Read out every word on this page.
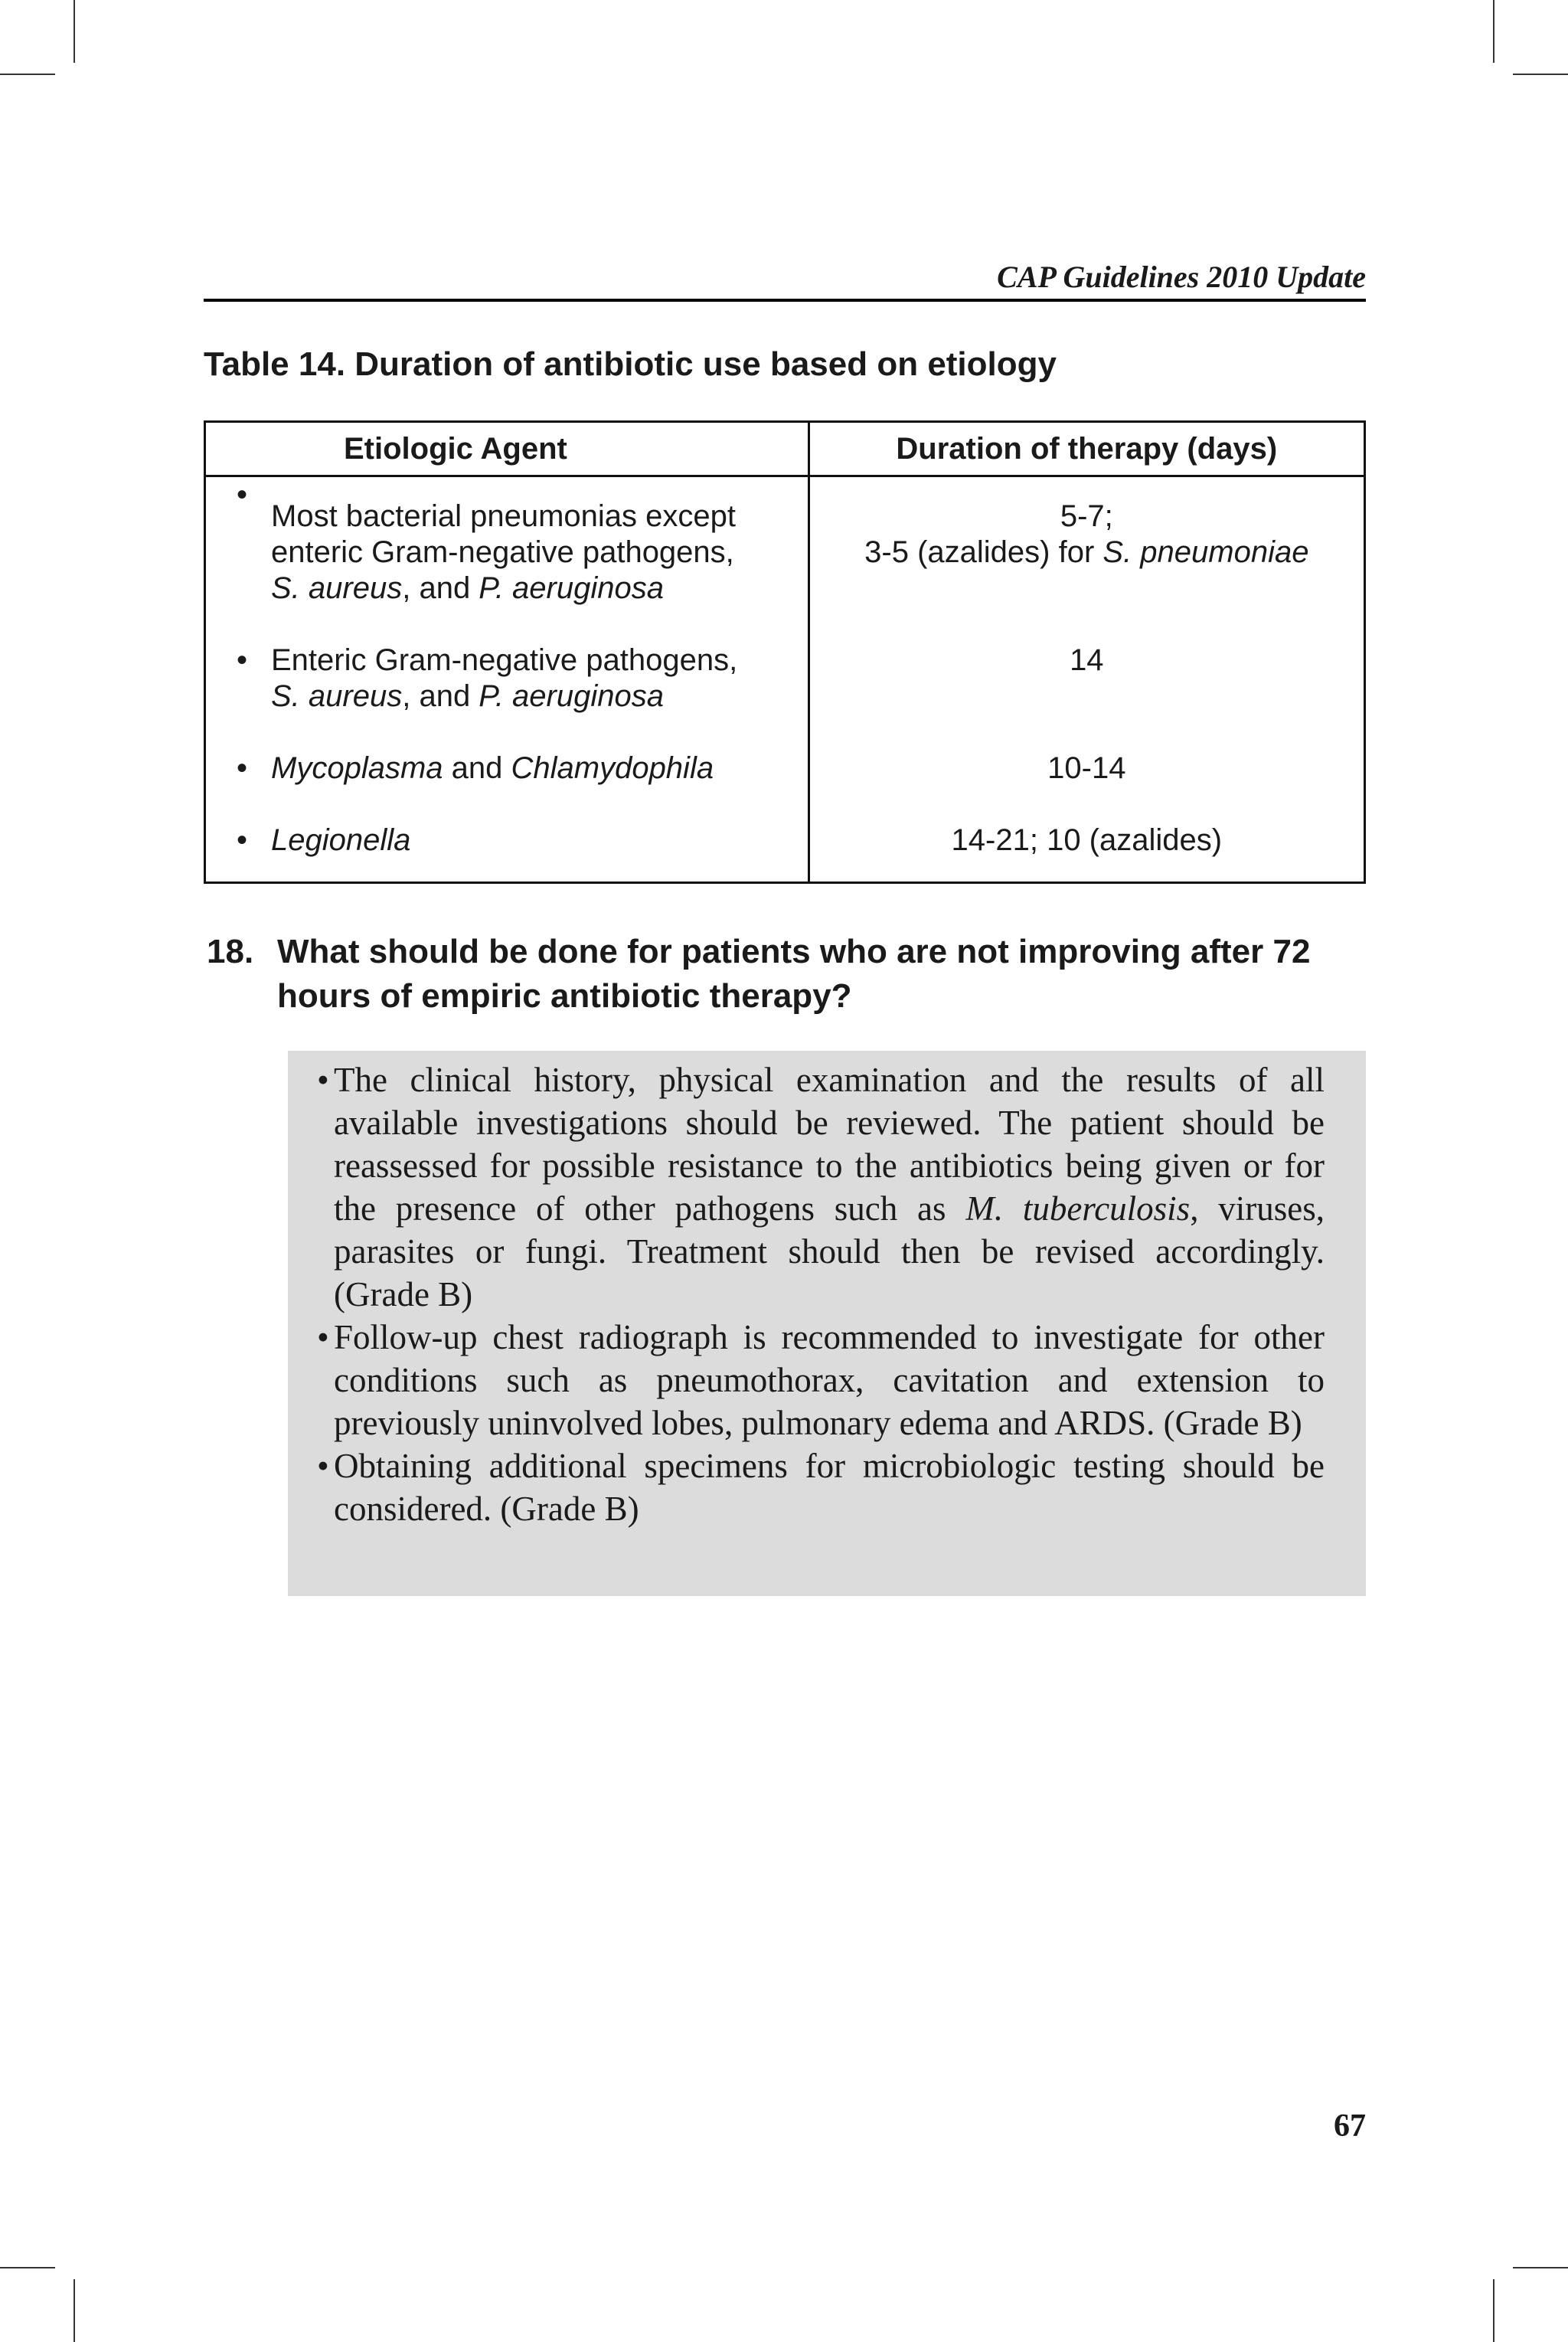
CAP Guidelines 2010 Update
Table 14. Duration of antibiotic use based on etiology
Etiologic Agent	Duration of therapy (days)

•
Most bacterial pneumonias except
enteric Gram-negative pathogens,
S. aureus, and P. aeruginosa	5-7;
3-5 (azalides) for S. pneumoniae

• Enteric Gram-negative pathogens,
S. aureus, and P. aeruginosa	14

• Mycoplasma and Chlamydophila	10-14

• Legionella	14-21; 10 (azalides)
18. What should be done for patients who are not improving after 72 hours of empiric antibiotic therapy?
• The clinical history, physical examination and the results of all available investigations should be reviewed. The patient should be reassessed for possible resistance to the antibiotics being given or for the presence of other pathogens such as M. tuberculosis, viruses, parasites or fungi. Treatment should then be revised accordingly. (Grade B)
• Follow-up chest radiograph is recommended to investigate for other conditions such as pneumothorax, cavitation and extension to previously uninvolved lobes, pulmonary edema and ARDS. (Grade B)
• Obtaining additional specimens for microbiologic testing should be considered. (Grade B)
67
